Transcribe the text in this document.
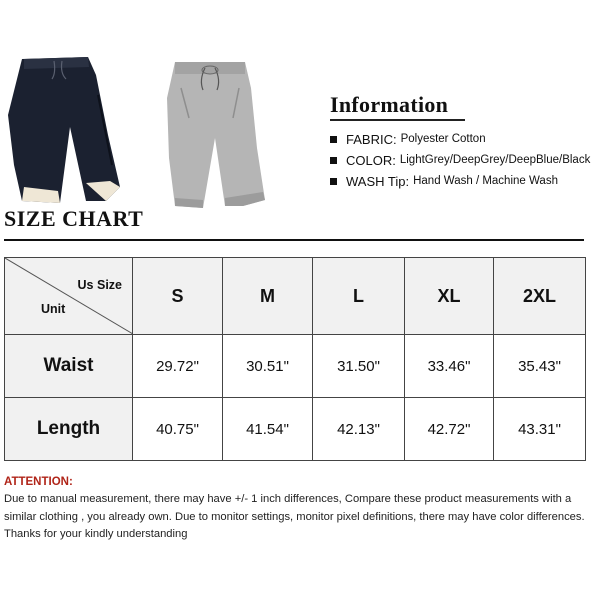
Information
FABRIC: Polyester Cotton
COLOR: LightGrey/DeepGrey/DeepBlue/Black
WASH Tip: Hand Wash / Machine Wash
SIZE CHART
Us Size
Unit	S	M	L	XL	2XL
Waist	29.72"	30.51"	31.50"	33.46"	35.43"
Length	40.75"	41.54"	42.13"	42.72"	43.31"

ATTENTION:

Due to manual measurement, there may have +/- 1 inch differences, Compare these product measurements with a similar clothing , you already own. Due to monitor settings, monitor pixel definitions, there may have color differences. Thanks for your kindly understanding
